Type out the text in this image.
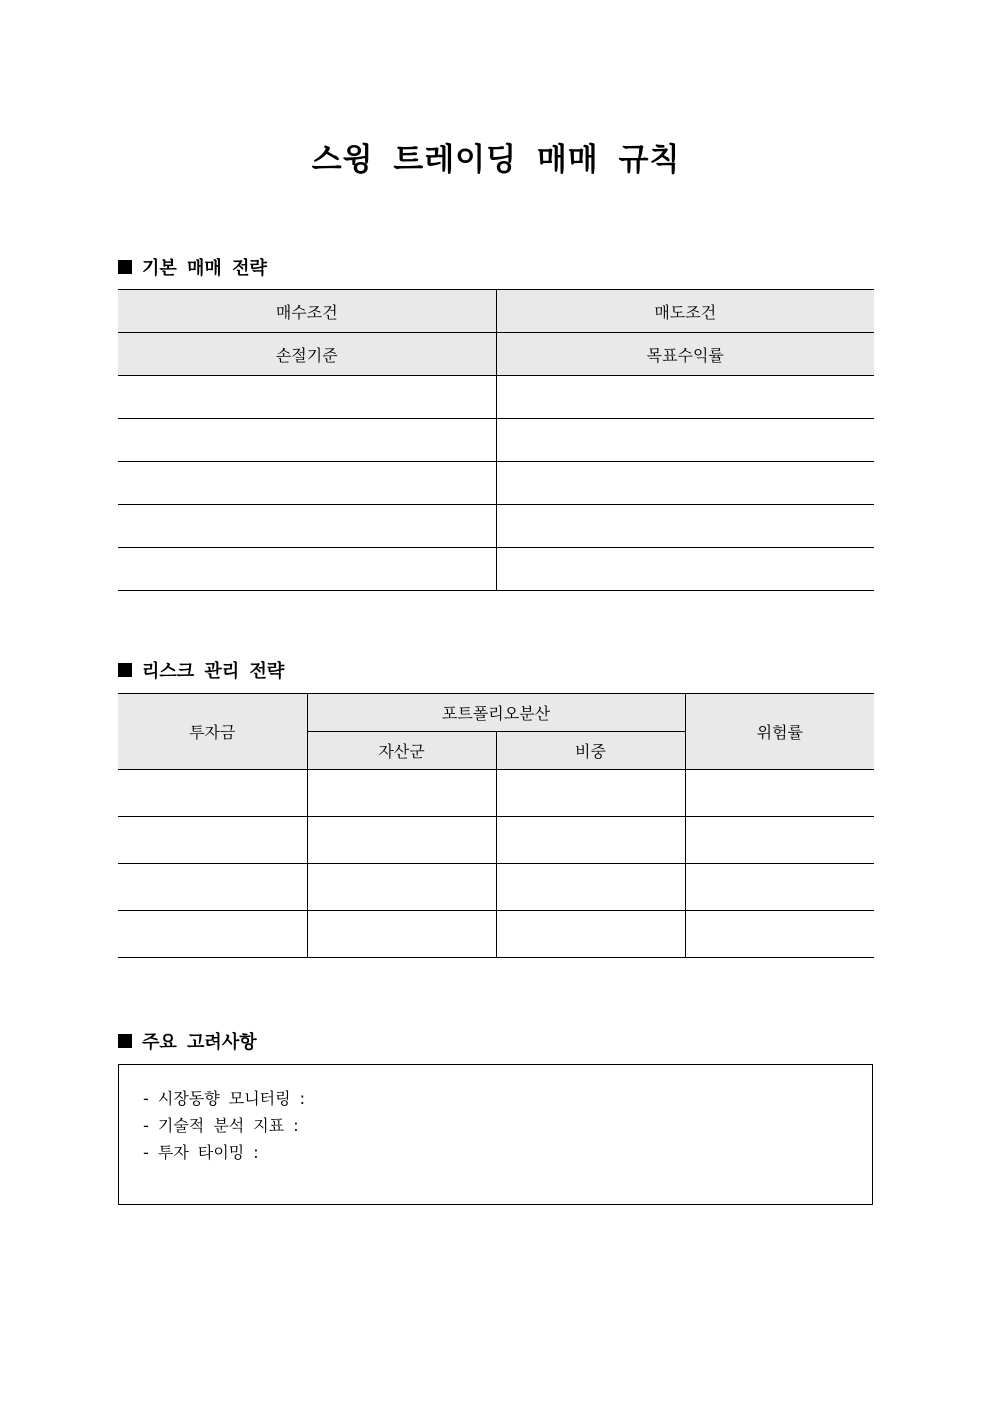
스윙 트레이딩 매매 규칙
기본 매매 전략
매수조건	매도조건
손절기준	목표수익률

리스크 관리 전략
투자금	포트폴리오분산		위험률
	자산군	비중	

주요 고려사항
- 시장동향 모니터링 :
- 기술적 분석 지표 :
- 투자 타이밍 :
